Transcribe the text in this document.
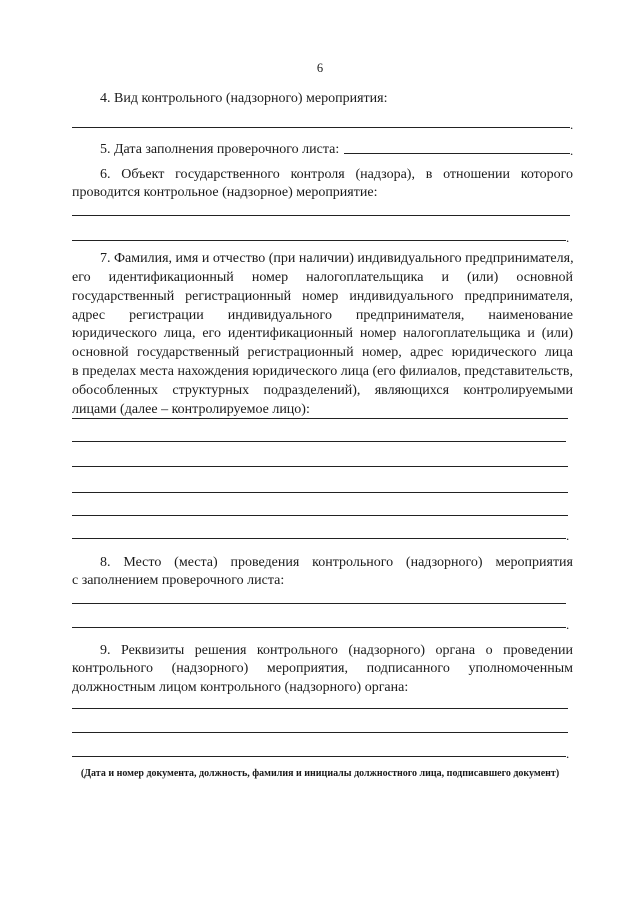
6
4. Вид контрольного (надзорного) мероприятия:
.
5. Дата заполнения проверочного листа:	.
6. Объект государственного контроля (надзора), в отношении которого
проводится контрольное (надзорное) мероприятие:
.
7. Фамилия, имя и отчество (при наличии) индивидуального предпринимателя,
его идентификационный номер налогоплательщика и (или) основной
государственный регистрационный номер индивидуального предпринимателя,
адрес регистрации индивидуального предпринимателя, наименование
юридического лица, его идентификационный номер налогоплательщика и (или)
основной государственный регистрационный номер, адрес юридического лица
в пределах места нахождения юридического лица (его филиалов, представительств,
обособленных структурных подразделений), являющихся контролируемыми
лицами (далее – контролируемое лицо):
.
8. Место (места) проведения контрольного (надзорного) мероприятия
с заполнением проверочного листа:
.
9. Реквизиты решения контрольного (надзорного) органа о проведении
контрольного (надзорного) мероприятия, подписанного уполномоченным
должностным лицом контрольного (надзорного) органа:
.
(Дата и номер документа, должность, фамилия и инициалы должностного лица, подписавшего документ)
